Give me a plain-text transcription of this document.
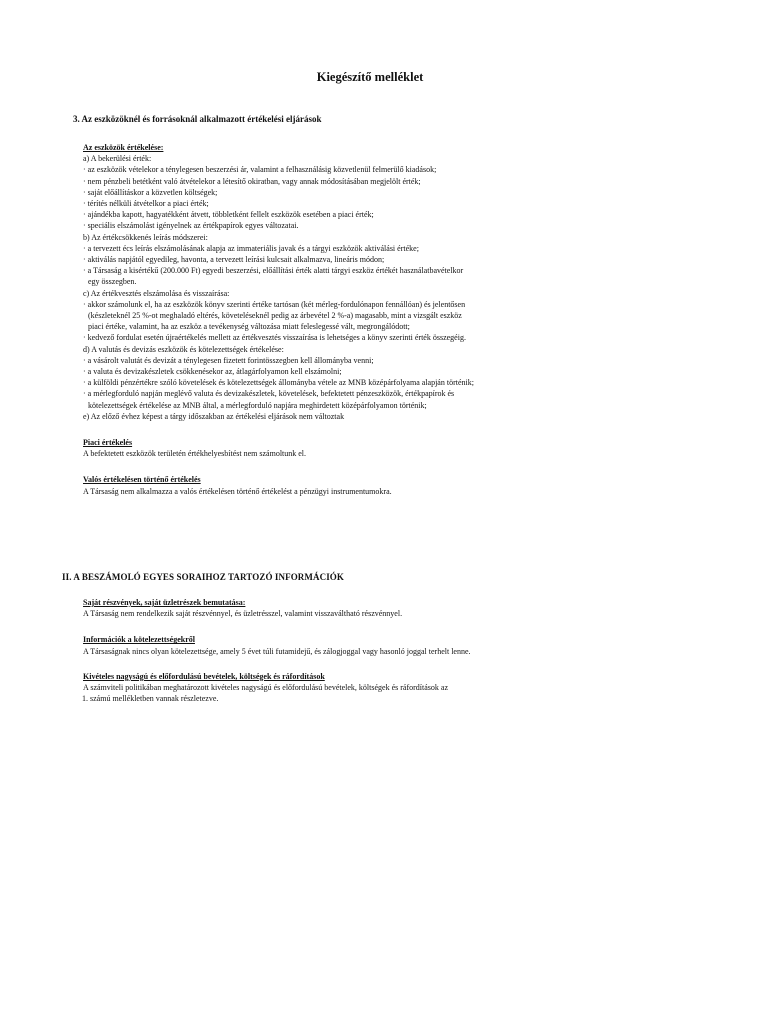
Kiegészítő melléklet
3. Az eszközöknél és forrásoknál alkalmazott értékelési eljárások

Az eszközök értékelése:

a) A bekerülési érték:

· az eszközök vételekor a ténylegesen beszerzési ár, valamint a felhasználásig közvetlenül felmerülő kiadások;

· nem pénzbeli betétként való átvételekor a létesítő okiratban, vagy annak módosításában megjelölt érték;

· saját előállításkor a közvetlen költségek;

· térítés nélküli átvételkor a piaci érték;

· ajándékba kapott, hagyatékként átvett, többletként fellelt eszközök esetében a piaci érték;

· speciális elszámolást igényelnek az értékpapírok egyes változatai.

b) Az értékcsökkenés leírás módszerei:

· a tervezett écs leírás elszámolásának alapja az immateriális javak és a tárgyi eszközök aktiválási értéke;

· aktiválás napjától egyedileg, havonta, a tervezett leírási kulcsait alkalmazva, lineáris módon;

· a Társaság a kisértékű (200.000 Ft) egyedi beszerzési, előállítási érték alatti tárgyi eszköz értékét használatbavételkor

egy összegben.

c) Az értékvesztés elszámolása és visszaírása:

· akkor számolunk el, ha az eszközök könyv szerinti értéke tartósan (két mérleg-fordulónapon fennállóan) és jelentősen

(készleteknél 25 %-ot meghaladó eltérés, követeléseknél pedig az árbevétel 2 %-a) magasabb, mint a vizsgált eszköz

piaci értéke, valamint, ha az eszköz a tevékenység változása miatt feleslegessé vált, megrongálódott;

· kedvező fordulat esetén újraértékelés mellett az értékvesztés visszaírása is lehetséges a könyv szerinti érték összegéig.

d) A valutás és devizás eszközök és kötelezettségek értékelése:

· a vásárolt valutát és devizát a ténylegesen fizetett forintösszegben kell állományba venni;

· a valuta és devizakészletek csökkenésekor az, átlagárfolyamon kell elszámolni;

· a külföldi pénzértékre szóló követelések és kötelezettségek állományba vétele az MNB középárfolyama alapján történik;

· a mérlegforduló napján meglévő valuta és devizakészletek, követelések, befektetett pénzeszközök, értékpapírok és

kötelezettségek értékelése az MNB által, a mérlegforduló napjára meghirdetett középárfolyamon történik;

e) Az előző évhez képest a tárgy időszakban az értékelési eljárások nem változtak

Piaci értékelés

A befektetett eszközök területén értékhelyesbítést nem számoltunk el.

Valós értékelésen történő értékelés

A Társaság nem alkalmazza a valós értékelésen történő értékelést a pénzügyi instrumentumokra.

II. A BESZÁMOLÓ EGYES SORAIHOZ TARTOZÓ INFORMÁCIÓK

Saját részvények, saját üzletrészek bemutatása:

A Társaság nem rendelkezik saját részvénnyel, és üzletrésszel, valamint visszaváltható részvénnyel.

Információk a kötelezettségekről

A Társaságnak nincs olyan kötelezettsége, amely 5 évet túli futamidejű, és zálogjoggal vagy hasonló joggal terhelt lenne.

Kivételes nagyságú és előfordulású bevételek, költségek és ráfordítások

A számviteli politikában meghatározott kivételes nagyságú és előfordulású bevételek, költségek és ráfordítások az

1. számú mellékletben vannak részletezve.
